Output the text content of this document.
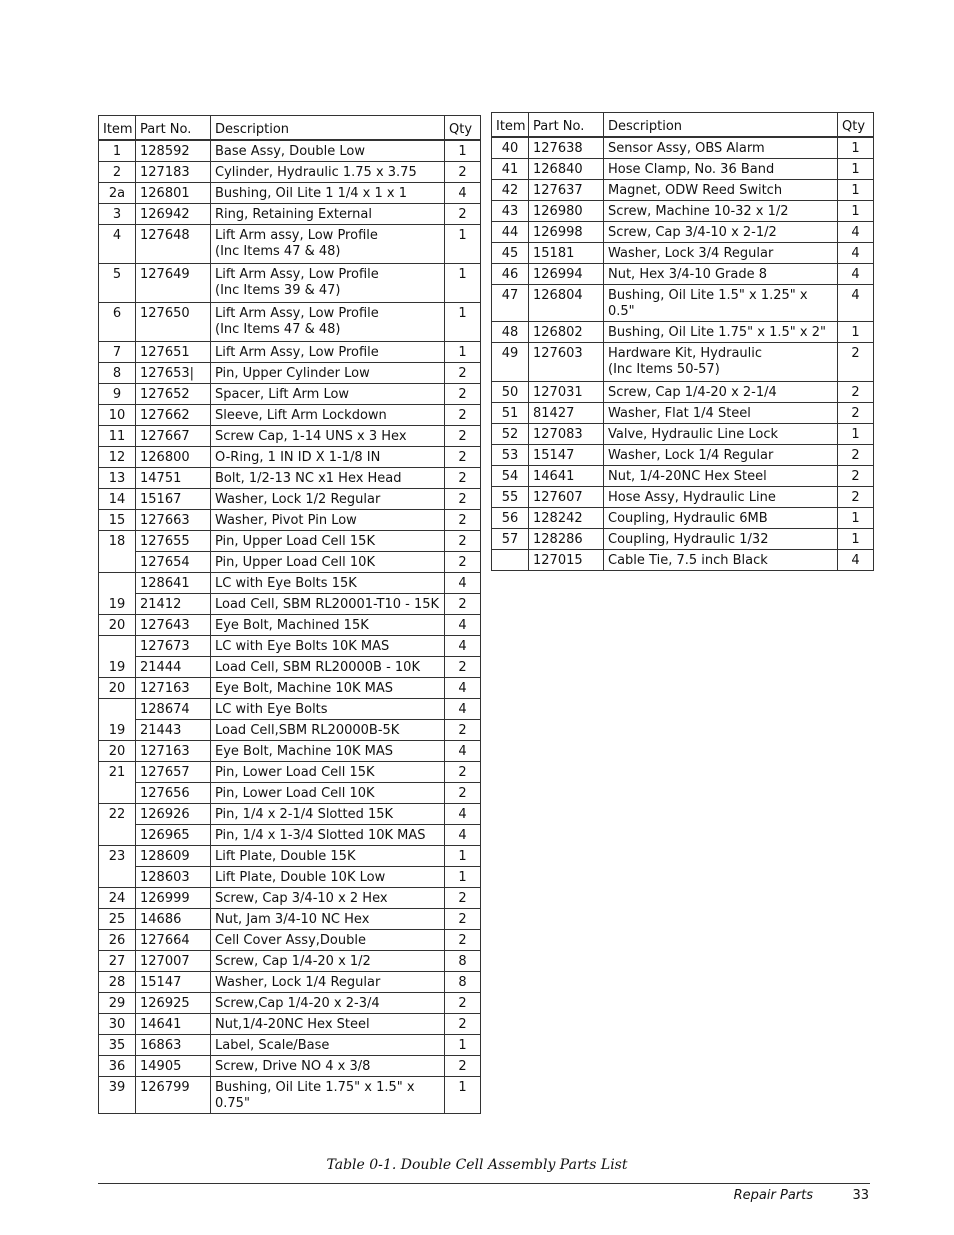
Item	Part No.	Description	Qty
1	128592	Base Assy, Double Low	1
2	127183	Cylinder, Hydraulic 1.75 x 3.75	2
2a	126801	Bushing, Oil Lite 1 1/4 x 1 x 1	4
3	126942	Ring, Retaining External	2
4	127648	Lift Arm assy, Low Profile
(Inc Items 47 & 48)	1
5	127649	Lift Arm Assy, Low Profile
(Inc Items 39 & 47)	1
6	127650	Lift Arm Assy, Low Profile
(Inc Items 47 & 48)	1
7	127651	Lift Arm Assy, Low Profile	1
8	127653|	Pin, Upper Cylinder Low	2
9	127652	Spacer, Lift Arm Low	2
10	127662	Sleeve, Lift Arm Lockdown	2
11	127667	Screw Cap, 1-14 UNS x 3 Hex	2
12	126800	O-Ring, 1 IN ID X 1-1/8 IN	2
13	14751	Bolt, 1/2-13 NC x1 Hex Head	2
14	15167	Washer, Lock 1/2 Regular	2
15	127663	Washer, Pivot Pin Low	2
18	127655	Pin, Upper Load Cell 15K	2
	127654	Pin, Upper Load Cell 10K	2
	128641	LC with Eye Bolts 15K	4
19	21412	Load Cell, SBM RL20001-T10 - 15K	2
20	127643	Eye Bolt, Machined 15K	4
	127673	LC with Eye Bolts 10K MAS	4
19	21444	Load Cell, SBM RL20000B - 10K	2
20	127163	Eye Bolt, Machine 10K MAS	4
	128674	LC with Eye Bolts	4
19	21443	Load Cell,SBM RL20000B-5K	2
20	127163	Eye Bolt, Machine 10K MAS	4
21	127657	Pin, Lower Load Cell 15K	2
	127656	Pin, Lower Load Cell 10K	2
22	126926	Pin, 1/4 x 2-1/4 Slotted 15K	4
	126965	Pin, 1/4 x 1-3/4 Slotted 10K MAS	4
23	128609	Lift Plate, Double 15K	1
	128603	Lift Plate, Double 10K Low	1
24	126999	Screw, Cap 3/4-10 x 2 Hex	2
25	14686	Nut, Jam 3/4-10 NC Hex	2
26	127664	Cell Cover Assy,Double	2
27	127007	Screw, Cap 1/4-20 x 1/2	8
28	15147	Washer, Lock 1/4 Regular	8
29	126925	Screw,Cap 1/4-20 x 2-3/4	2
30	14641	Nut,1/4-20NC Hex Steel	2
35	16863	Label, Scale/Base	1
36	14905	Screw, Drive NO 4 x 3/8	2
39	126799	Bushing, Oil Lite 1.75" x 1.5" x 0.75"	1
Item	Part No.	Description	Qty
40	127638	Sensor Assy, OBS Alarm	1
41	126840	Hose Clamp, No. 36 Band	1
42	127637	Magnet, ODW Reed Switch	1
43	126980	Screw, Machine 10-32 x 1/2	1
44	126998	Screw, Cap 3/4-10 x 2-1/2	4
45	15181	Washer, Lock 3/4 Regular	4
46	126994	Nut, Hex 3/4-10 Grade 8	4
47	126804	Bushing, Oil Lite 1.5" x 1.25" x 0.5"	4
48	126802	Bushing, Oil Lite 1.75" x 1.5" x 2"	1
49	127603	Hardware Kit, Hydraulic
(Inc Items 50-57)	2
50	127031	Screw, Cap 1/4-20 x 2-1/4	2
51	81427	Washer, Flat 1/4 Steel	2
52	127083	Valve, Hydraulic Line Lock	1
53	15147	Washer, Lock 1/4 Regular	2
54	14641	Nut, 1/4-20NC Hex Steel	2
55	127607	Hose Assy, Hydraulic Line	2
56	128242	Coupling, Hydraulic 6MB	1
57	128286	Coupling, Hydraulic 1/32	1
	127015	Cable Tie, 7.5 inch Black	4
Table 0-1. Double Cell Assembly Parts List
Repair Parts	33
